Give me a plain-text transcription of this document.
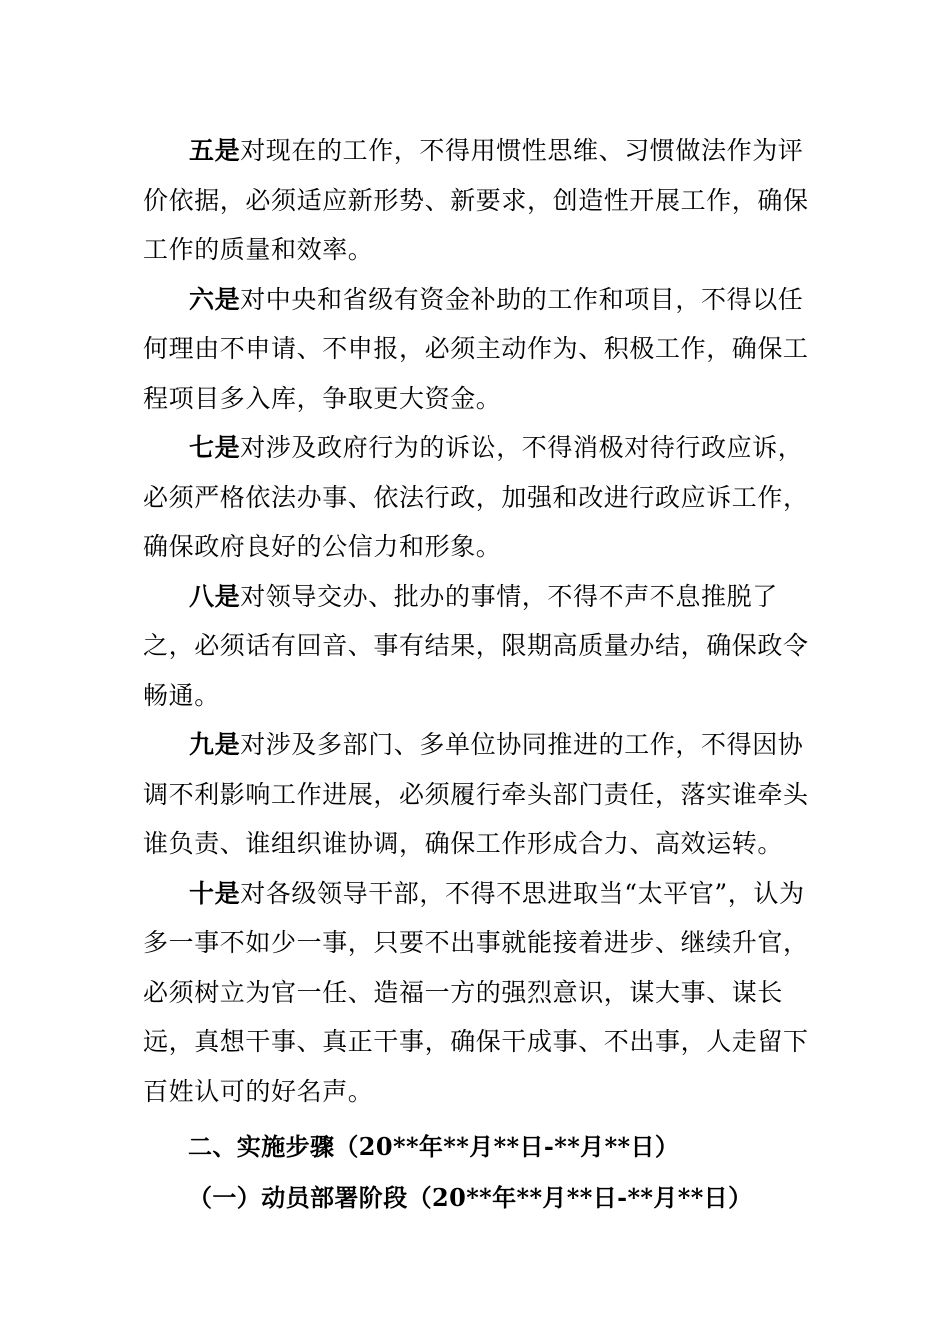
五是对现在的工作，不得用惯性思维、习惯做法作为评价依据，必须适应新形势、新要求，创造性开展工作，确保工作的质量和效率。

六是对中央和省级有资金补助的工作和项目，不得以任何理由不申请、不申报，必须主动作为、积极工作，确保工程项目多入库，争取更大资金。

七是对涉及政府行为的诉讼，不得消极对待行政应诉，必须严格依法办事、依法行政，加强和改进行政应诉工作，确保政府良好的公信力和形象。

八是对领导交办、批办的事情，不得不声不息推脱了之，必须话有回音、事有结果，限期高质量办结，确保政令畅通。

九是对涉及多部门、多单位协同推进的工作，不得因协调不利影响工作进展，必须履行牵头部门责任，落实谁牵头谁负责、谁组织谁协调，确保工作形成合力、高效运转。

十是对各级领导干部，不得不思进取当“太平官”，认为多一事不如少一事，只要不出事就能接着进步、继续升官，必须树立为官一任、造福一方的强烈意识，谋大事、谋长远，真想干事、真正干事，确保干成事、不出事，人走留下百姓认可的好名声。

二、实施步骤（20**年**月**日-**月**日）
（一）动员部署阶段（20**年**月**日-**月**日）
